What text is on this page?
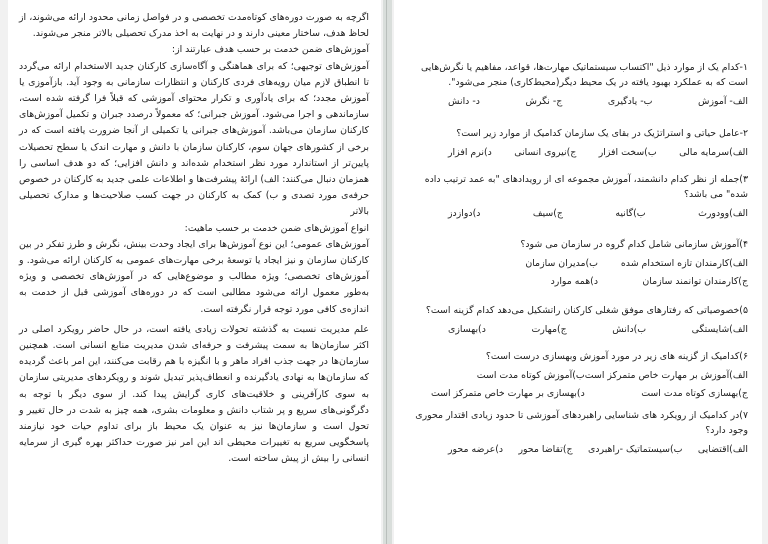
اگرچه به صورت دوره‌های کوتاه‌مدت تخصصی و در فواصل زمانی محدود ارائه می‌شوند، از لحاظ هدف، ساختار معینی دارند و در نهایت به اخذ مدرک تحصیلی بالاتر منجر می‌شوند.

آموزش‌های ضمن خدمت بر حسب هدف عبارتند از:

آموزش‌های توجیهی؛ که برای هماهنگی و آگاه‌سازی کارکنان جدید الاستخدام ارائه می‌گردد تا انطباق لازم میان رویه‌های فردی کارکنان و انتظارات سازمانی به وجود آید. بازآموزی یا آموزش مجدد؛ که برای یادآوری و تکرار محتوای آموزشی که قبلاً فرا گرفته شده است، سازماندهی و اجرا می‌شود. آموزش جبرانی؛ که معمولاً درصدد جبران و تکمیل آموزش‌های کارکنان سازمان می‌باشد. آموزش‌های جبرانی یا تکمیلی از آنجا ضرورت یافته است که در برخی از کشورهای جهان سوم، کارکنان سازمان با دانش و مهارت اندک یا سطح تحصیلات پایین‌تر از استاندارد مورد نظر استخدام شده‌اند و دانش افزایی؛ که دو هدف اساسی را همزمان دنبال می‌کنند: الف) ارائهٔ پیشرفت‌ها و اطلاعات علمی جدید به کارکنان در خصوص حرفه‌ی مورد تصدی و ب) کمک به کارکنان در جهت کسب صلاحیت‌ها و مدارک تحصیلی بالاتر

انواع آموزش‌های ضمن خدمت بر حسب ماهیت:

آموزش‌های عمومی؛ این نوع آموزش‌ها برای ایجاد وحدت بینش، نگرش و طرز تفکر در بین کارکنان سازمان و نیز ایجاد یا توسعهٔ برخی مهارت‌های عمومی به کارکنان ارائه می‌شود. و آموزش‌های تخصصی؛ ویژه مطالب و موضوع‌هایی که در آموزش‌های تخصصی و ویژه به‌طور معمول ارائه می‌شود مطالبی است که در دوره‌های آموزشی قبل از خدمت به اندازه‌ی کافی مورد توجه قرار نگرفته است.

علم مدیریت نسبت به گذشته تحولات زیادی یافته است، در حال حاضر رویکرد اصلی در اکثر سازمان‌ها به سمت پیشرفت و حرفه‌ای شدن مدیریت منابع انسانی است. همچنین سازمان‌ها در جهت جذب افراد ماهر و با انگیزه با هم رقابت می‌کنند، این امر باعث گردیده که سازمان‌ها به نهادی یادگیرنده و انعطاف‌پذیر تبدیل شوند و رویکردهای مدیریتی سازمان به سوی کارآفرینی و خلاقیت‌های کاری گرایش پیدا کند. از سوی دیگر با توجه به دگرگونی‌های سریع و پر شتاب دانش و معلومات بشری، همه چیز به شدت در حال تغییر و تحول است و سازمان‌ها نیز به عنوان یک محیط باز برای تداوم حیات خود نیازمند پاسخگویی سریع به تغییرات محیطی اند این امر نیز صورت حداکثر بهره گیری از سرمایه انسانی را بیش از پیش ساخته است.

۱-کدام یک از موارد ذیل "اکتساب سیستماتیک مهارت‌ها، قواعد، مفاهیم یا نگرش‌هایی است که به عملکرد بهبود یافته در یک محیط دیگر(محیط‌کاری) منجر می‌شود".

الف- آموزش
ب- یادگیری
ج- نگرش
د- دانش

۲-عامل حیاتی و استراتژیک در بقای یک سازمان کدامیک از موارد زیر است؟

الف)سرمایه مالی
ب)سخت افزار
ج)نیروی انسانی
د)نرم افزار

۳)جمله از نظر کدام دانشمند، آموزش مجموعه ای از رویدادهای "به عمد ترتیب داده شده" می باشد؟

الف)وودورث
ب)گانیه
ج)سیف
د)دوازدز

۴)آموزش سازمانی شامل کدام گروه در سازمان می شود؟

الف)کارمندان تازه استخدام شده
ب)مدیران سازمان
ج)کارمندان توانمند سازمان
د)همه موارد

۵)خصوصیاتی که رفتارهای موفق شغلی کارکنان راتشکیل می‌دهد کدام گزینه است؟

الف)شایستگی
ب)دانش
ج)مهارت
د)بهسازی

۶)کدامیک از گزینه های زیر در مورد آموزش وبهسازی درست است؟

الف)آموزش بر مهارت خاص متمرکز است
ب)آموزش کوتاه مدت است
ج)بهسازی کوتاه مدت است
د)بهسازی بر مهارت خاص متمرکز است

۷)در کدامیک از رویکرد های شناسایی راهبردهای آموزشی تا حدود زیادی اقتدار محوری وجود دارد؟

الف)اقتضایی
ب)سیستماتیک -راهبردی
ج)تقاضا محور
د)عرضه محور
